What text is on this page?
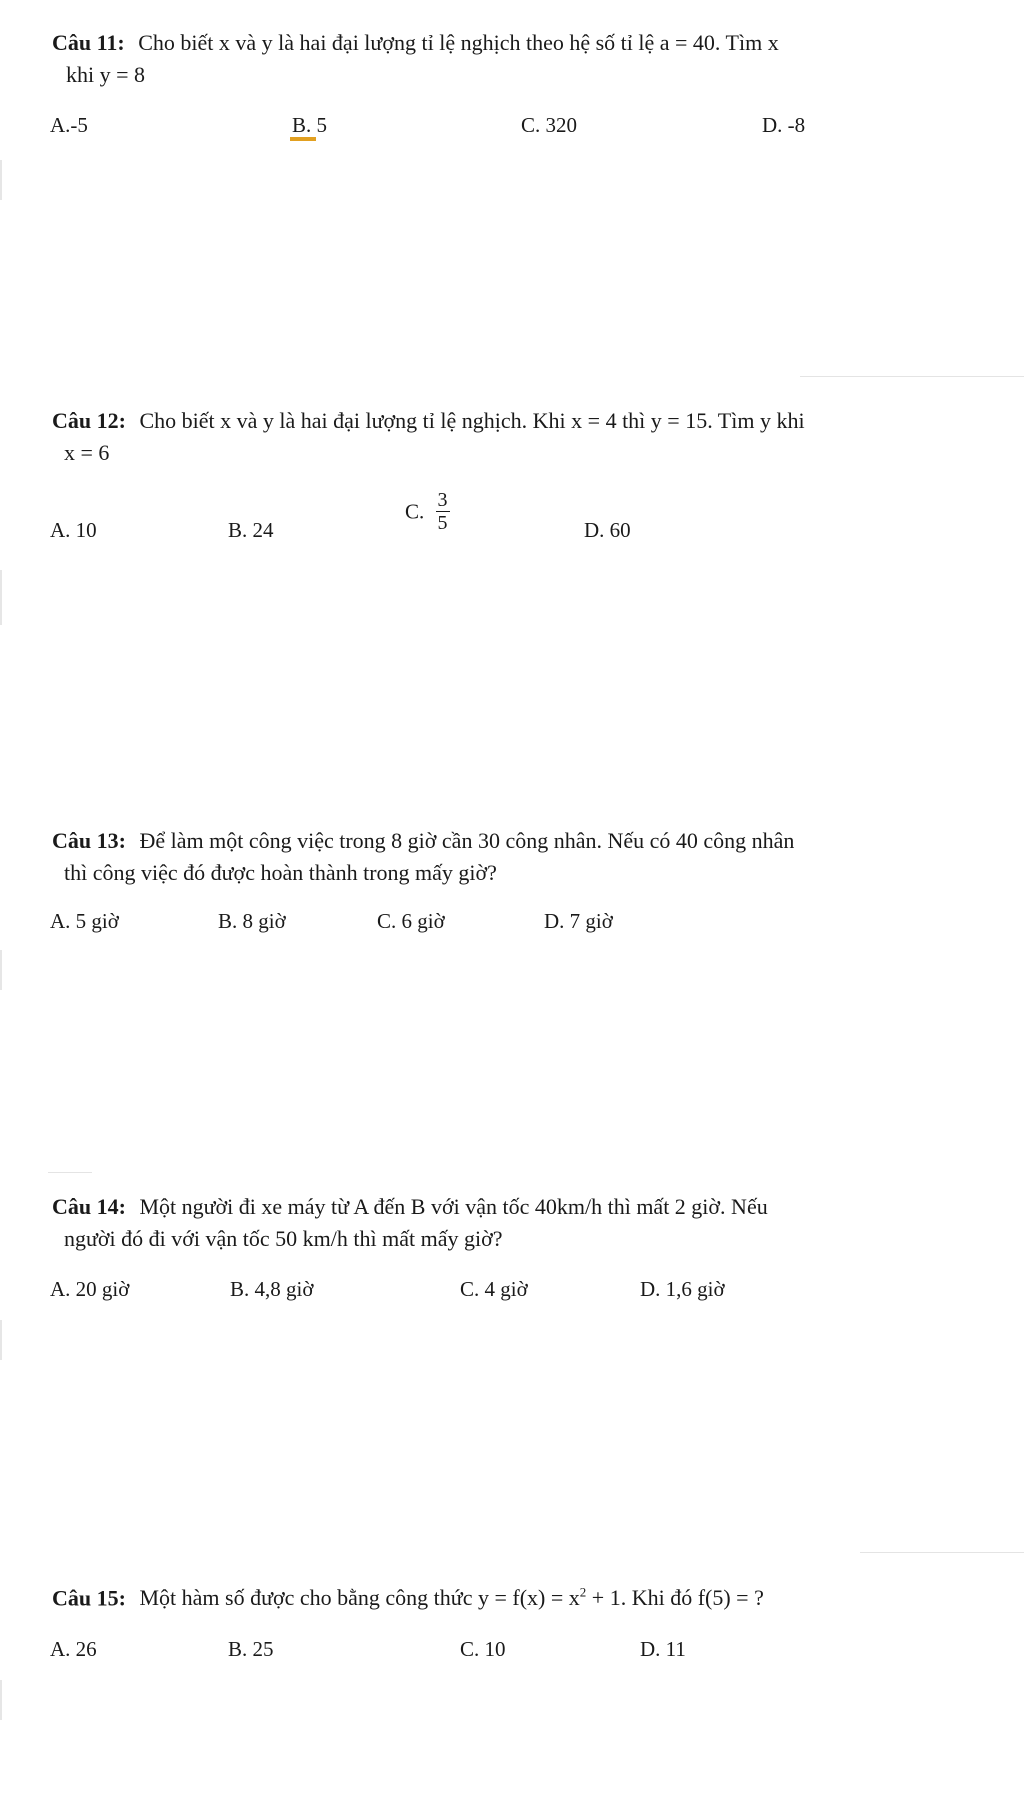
Câu 11: Cho biết x và y là hai đại lượng tỉ lệ nghịch theo hệ số tỉ lệ a = 40. Tìm x
khi y = 8
A.-5	B. 5	C. 320	D. -8
Câu 12: Cho biết x và y là hai đại lượng tỉ lệ nghịch. Khi x = 4 thì y = 15. Tìm y khi
x = 6
A. 10	B. 24
C. $\frac{3}{5}$	D. 60
Câu 13: Để làm một công việc trong 8 giờ cần 30 công nhân. Nếu có 40 công nhân
thì công việc đó được hoàn thành trong mấy giờ?
A. 5 giờ	B. 8 giờ	C. 6 giờ	D. 7 giờ
Câu 14: Một người đi xe máy từ A đến B với vận tốc 40km/h thì mất 2 giờ. Nếu
người đó đi với vận tốc 50 km/h thì mất mấy giờ?
A. 20 giờ	B. 4,8 giờ	C. 4 giờ	D. 1,6 giờ
Câu 15: Một hàm số được cho bằng công thức $y = f(x) = x^2 + 1$. Khi đó f(5) = ?
A. 26	B. 25	C. 10	D. 11
